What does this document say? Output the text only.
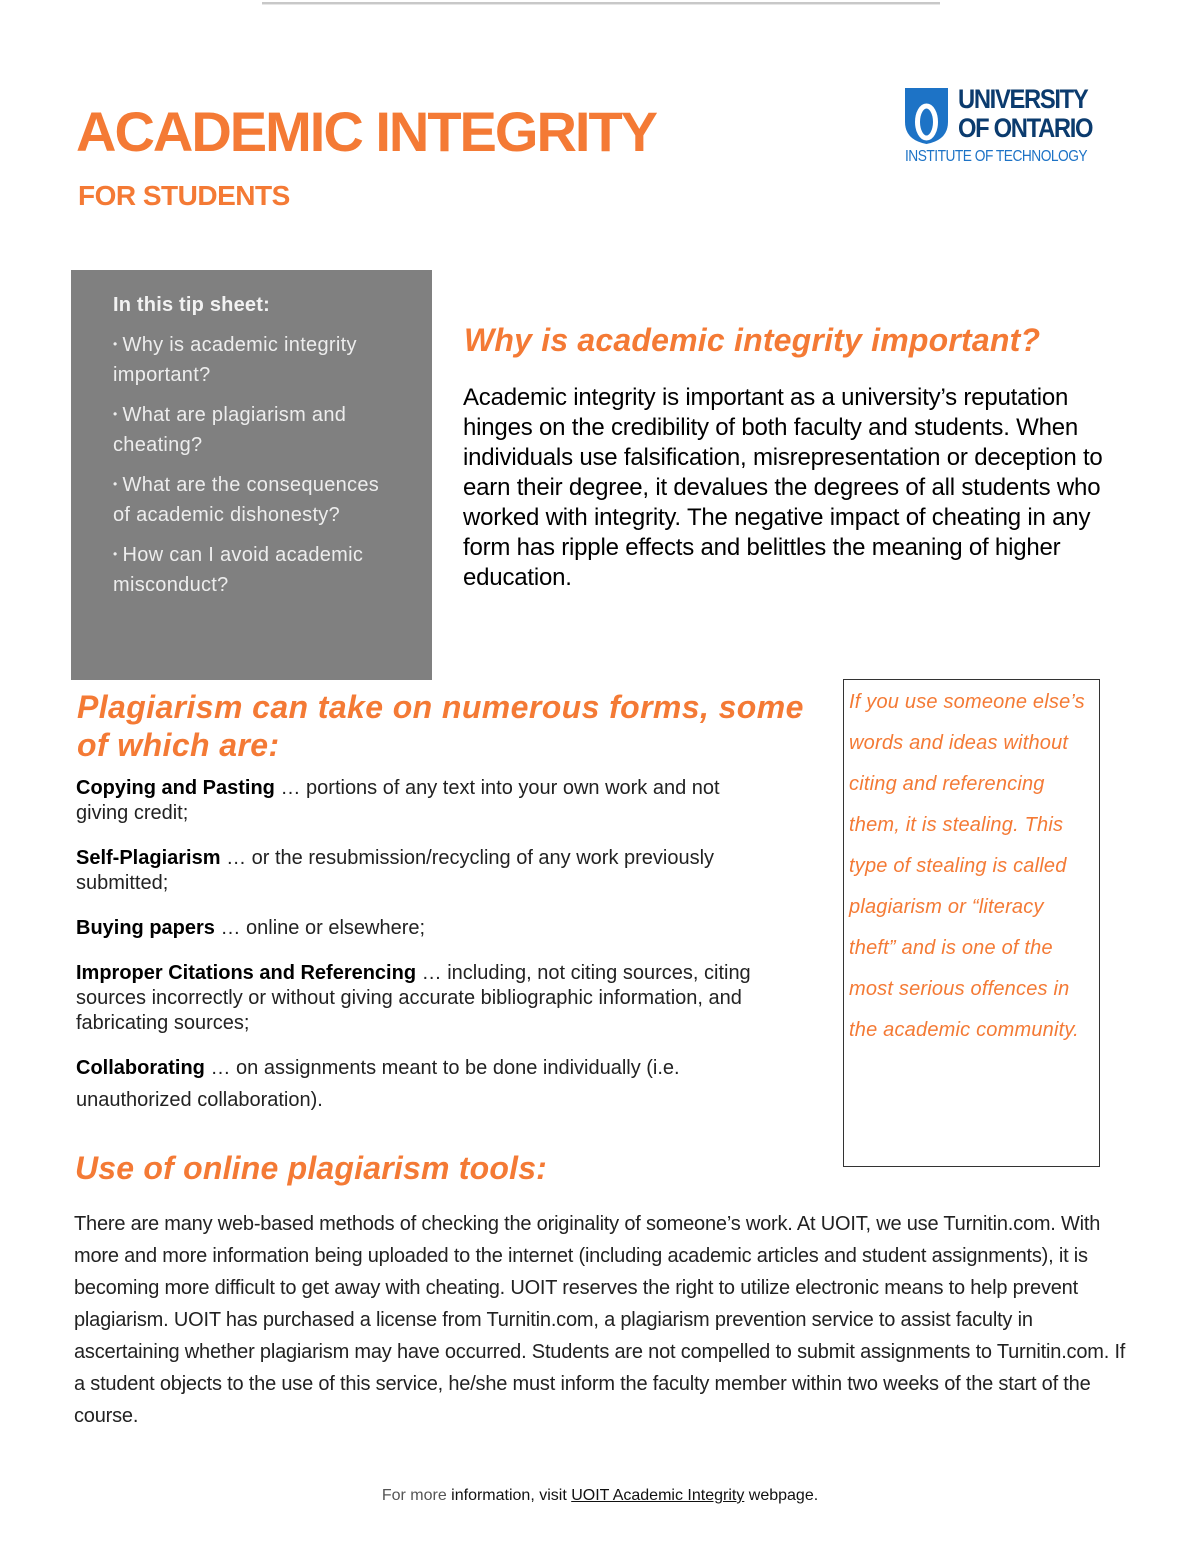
ACADEMIC INTEGRITY
FOR STUDENTS
UNIVERSITY
OF ONTARIO
INSTITUTE OF TECHNOLOGY

In this tip sheet:

• Why is academic integrity important?

• What are plagiarism and cheating?

• What are the consequences of academic dishonesty?

• How can I avoid academic misconduct?

Why is academic integrity important?

Academic integrity is important as a university’s reputation hinges on the credibility of both faculty and students. When individuals use falsification, misrepresentation or deception to earn their degree, it devalues the degrees of all students who worked with integrity. The negative impact of cheating in any form has ripple effects and belittles the meaning of higher education.

Plagiarism can take on numerous forms, some of which are:

Copying and Pasting … portions of any text into your own work and not giving credit;

Self-Plagiarism … or the resubmission/recycling of any work previously submitted;

Buying papers … online or elsewhere;

Improper Citations and Referencing … including, not citing sources, citing sources incorrectly or without giving accurate bibliographic information, and fabricating sources;

Collaborating … on assignments meant to be done individually (i.e. unauthorized collaboration).

If you use someone else’s words and ideas without citing and referencing them, it is stealing. This type of stealing is called plagiarism or “literacy theft” and is one of the most serious offences in the academic community.

Use of online plagiarism tools:

There are many web-based methods of checking the originality of someone’s work. At UOIT, we use Turnitin.com. With more and more information being uploaded to the internet (including academic articles and student assignments), it is becoming more difficult to get away with cheating. UOIT reserves the right to utilize electronic means to help prevent plagiarism. UOIT has purchased a license from Turnitin.com, a plagiarism prevention service to assist faculty in ascertaining whether plagiarism may have occurred. Students are not compelled to submit assignments to Turnitin.com. If a student objects to the use of this service, he/she must inform the faculty member within two weeks of the start of the course.

For more information, visit UOIT Academic Integrity webpage.
